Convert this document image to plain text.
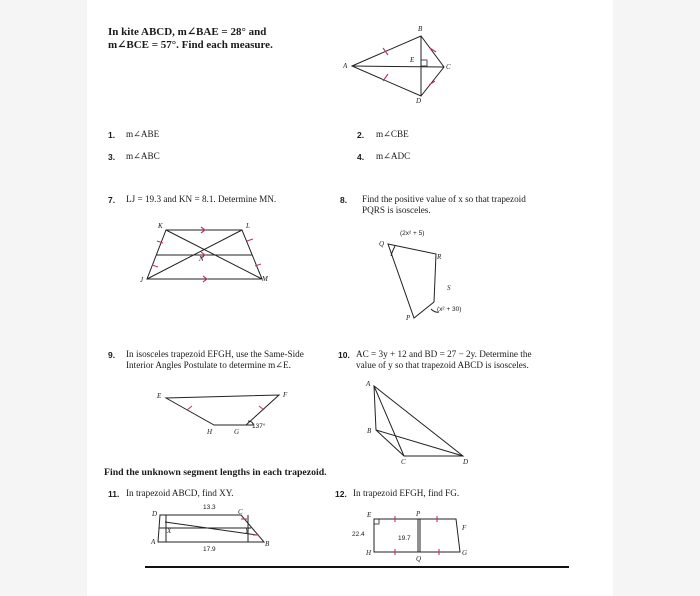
In kite ABCD, m∠BAE = 28° and
m∠BCE = 57°. Find each measure.
B
A	C
D
E
1. m∠ABE	2. m∠CBE
3. m∠ABC	4. m∠ADC
7. LJ = 19.3 and KN = 8.1. Determine MN.
K	L
N
J	M
8. Find the positive value of x so that trapezoid
PQRS is isosceles.
(2x² + 5)
Q
R
S
P
(x² + 30)
9. In isosceles trapezoid EFGH, use the Same-Side
Interior Angles Postulate to determine m∠E.
E	F
H	G
137°
10. AC = 3y + 12 and BD = 27 − 2y. Determine the
value of y so that trapezoid ABCD is isosceles.
A
B
C	D
Find the unknown segment lengths in each trapezoid.
11. In trapezoid ABCD, find XY.
13.3
D	C
X	Y
A	B
17.9
12. In trapezoid EFGH, find FG.
E	P
F
22.4
19.7
H
Q
G
